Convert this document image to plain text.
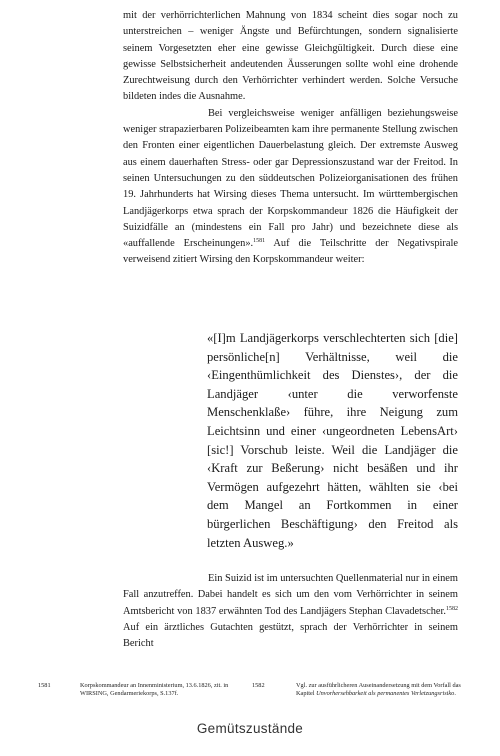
mit der verhörrichterlichen Mahnung von 1834 scheint dies sogar noch zu unterstreichen – weniger Ängste und Befürchtungen, sondern signalisierte seinem Vorgesetzten eher eine gewisse Gleichgültigkeit. Durch diese eine gewisse Selbstsicherheit andeutenden Äusserungen sollte wohl eine drohende Zurechtweisung durch den Verhörrichter verhindert werden. Solche Versuche bildeten indes die Ausnahme.

Bei vergleichsweise weniger anfälligen beziehungsweise weniger strapazierbaren Polizeibeamten kam ihre permanente Stellung zwischen den Fronten einer eigentlichen Dauerbelastung gleich. Der extremste Ausweg aus einem dauerhaften Stress- oder gar Depressionszustand war der Freitod. In seinen Untersuchungen zu den süddeutschen Polizeiorganisationen des frühen 19. Jahrhunderts hat Wirsing dieses Thema untersucht. Im württembergischen Landjägerkorps etwa sprach der Korpskommandeur 1826 die Häufigkeit der Suizidfälle an (mindestens ein Fall pro Jahr) und bezeichnete diese als «auffallende Erscheinungen».$^{1581}$ Auf die Teilschritte der Negativspirale verweisend zitiert Wirsing den Korpskommandeur weiter:

«[I]m Landjägerkorps verschlechterten sich [die] persönliche[n] Verhältnisse, weil die ‹Eingenthümlichkeit des Dienstes›, der die Landjäger ‹unter die verworfenste Menschenklaße› führe, ihre Neigung zum Leichtsinn und einer ‹ungeordneten LebensArt› [sic!] Vorschub leiste. Weil die Landjäger die ‹Kraft zur Beßerung› nicht besäßen und ihr Vermögen aufgezehrt hätten, wählten sie ‹bei dem Mangel an Fortkommen in einer bürgerlichen Beschäftigung› den Freitod als letzten Ausweg.»

Ein Suizid ist im untersuchten Quellenmaterial nur in einem Fall anzutreffen. Dabei handelt es sich um den vom Verhörrichter in seinem Amtsbericht von 1837 erwähnten Tod des Landjägers Stephan Clavadetscher.$^{1582}$ Auf ein ärztliches Gutachten gestützt, sprach der Verhörrichter in seinem Bericht

1581	Korpskommandeur an Innenministerium, 13.6.1826, zit. in WIRSING, Gendarmeriekorps, S.137f.
1582	Vgl. zur ausführlicheren Auseinandersetzung mit dem Vorfall das Kapitel Unvorhersehbarkeit als permanentes Verletzungsrisiko.
Gemütszustände
